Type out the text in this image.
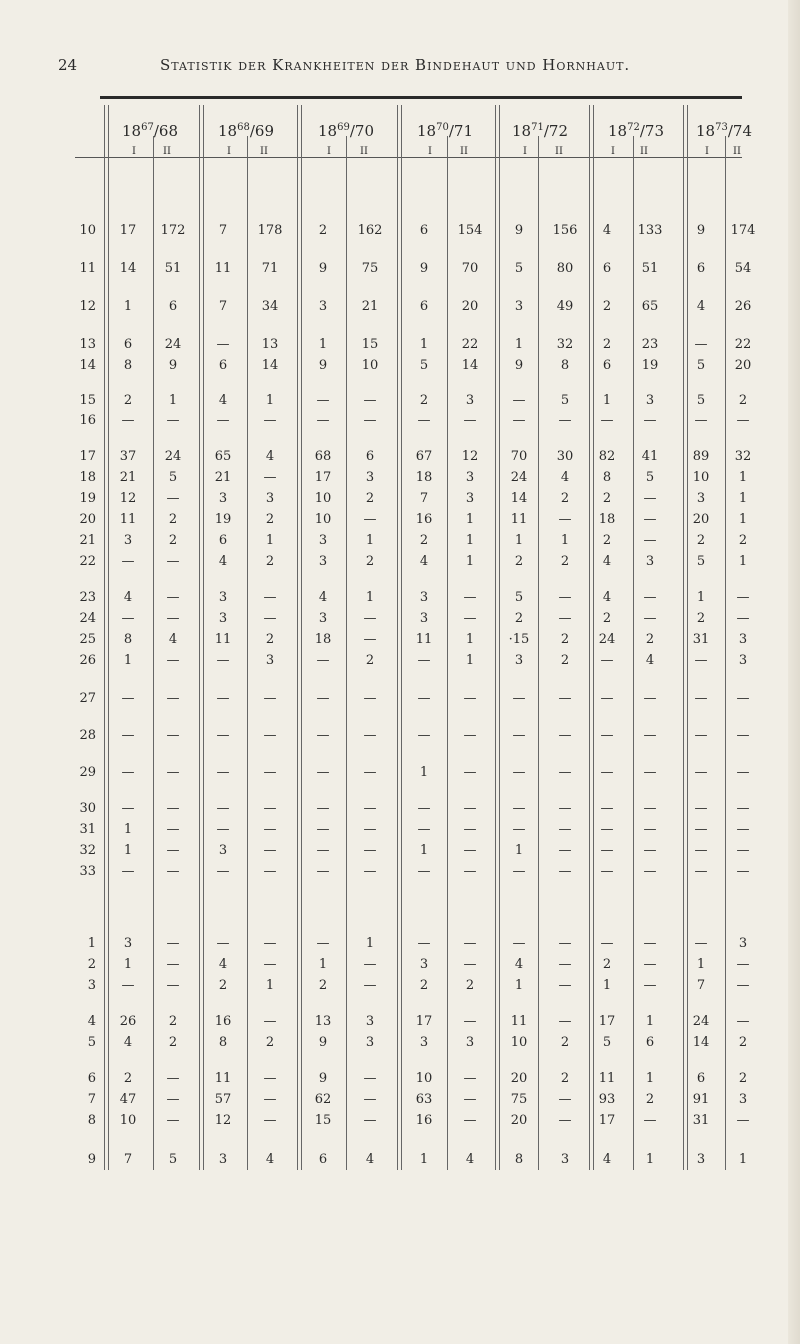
24	Statistik der Krankheiten der Bindehaut und Hornhaut.
$18^{67}/68$
I	II
$18^{68}/69$
I	II
$18^{69}/70$
I	II
$18^{70}/71$
I	II
$18^{71}/72$
I	II
$18^{72}/73$
I	II
$18^{73}/74$
I	II
10	17	172	7	178	2	162	6	154	9	156	4	133	9	174
11	14	51	11	71	9	75	9	70	5	80	6	51	6	54
12	1	6	7	34	3	21	6	20	3	49	2	65	4	26
13	6	24	—	13	1	15	1	22	1	32	2	23	—	22
14	8	9	6	14	9	10	5	14	9	8	6	19	5	20
15	2	1	4	1	—	—	2	3	—	5	1	3	5	2
16	—	—	—	—	—	—	—	—	—	—	—	—	—	—
17	37	24	65	4	68	6	67	12	70	30	82	41	89	32
18	21	5	21	—	17	3	18	3	24	4	8	5	10	1
19	12	—	3	3	10	2	7	3	14	2	2	—	3	1
20	11	2	19	2	10	—	16	1	11	—	18	—	20	1
21	3	2	6	1	3	1	2	1	1	1	2	—	2	2
22	—	—	4	2	3	2	4	1	2	2	4	3	5	1
23	4	—	3	—	4	1	3	—	5	—	4	—	1	—
24	—	—	3	—	3	—	3	—	2	—	2	—	2	—
25	8	4	11	2	18	—	11	1	·15	2	24	2	31	3
26	1	—	—	3	—	2	—	1	3	2	—	4	—	3
27	—	—	—	—	—	—	—	—	—	—	—	—	—	—
28	—	—	—	—	—	—	—	—	—	—	—	—	—	—
29	—	—	—	—	—	—	1	—	—	—	—	—	—	—
30	—	—	—	—	—	—	—	—	—	—	—	—	—	—
31	1	—	—	—	—	—	—	—	—	—	—	—	—	—
32	1	—	3	—	—	—	1	—	1	—	—	—	—	—
33	—	—	—	—	—	—	—	—	—	—	—	—	—	—
1	3	—	—	—	—	1	—	—	—	—	—	—	—	3
2	1	—	4	—	1	—	3	—	4	—	2	—	1	—
3	—	—	2	1	2	—	2	2	1	—	1	—	7	—
4	26	2	16	—	13	3	17	—	11	—	17	1	24	—
5	4	2	8	2	9	3	3	3	10	2	5	6	14	2
6	2	—	11	—	9	—	10	—	20	2	11	1	6	2
7	47	—	57	—	62	—	63	—	75	—	93	2	91	3
8	10	—	12	—	15	—	16	—	20	—	17	—	31	—
9	7	5	3	4	6	4	1	4	8	3	4	1	3	1
